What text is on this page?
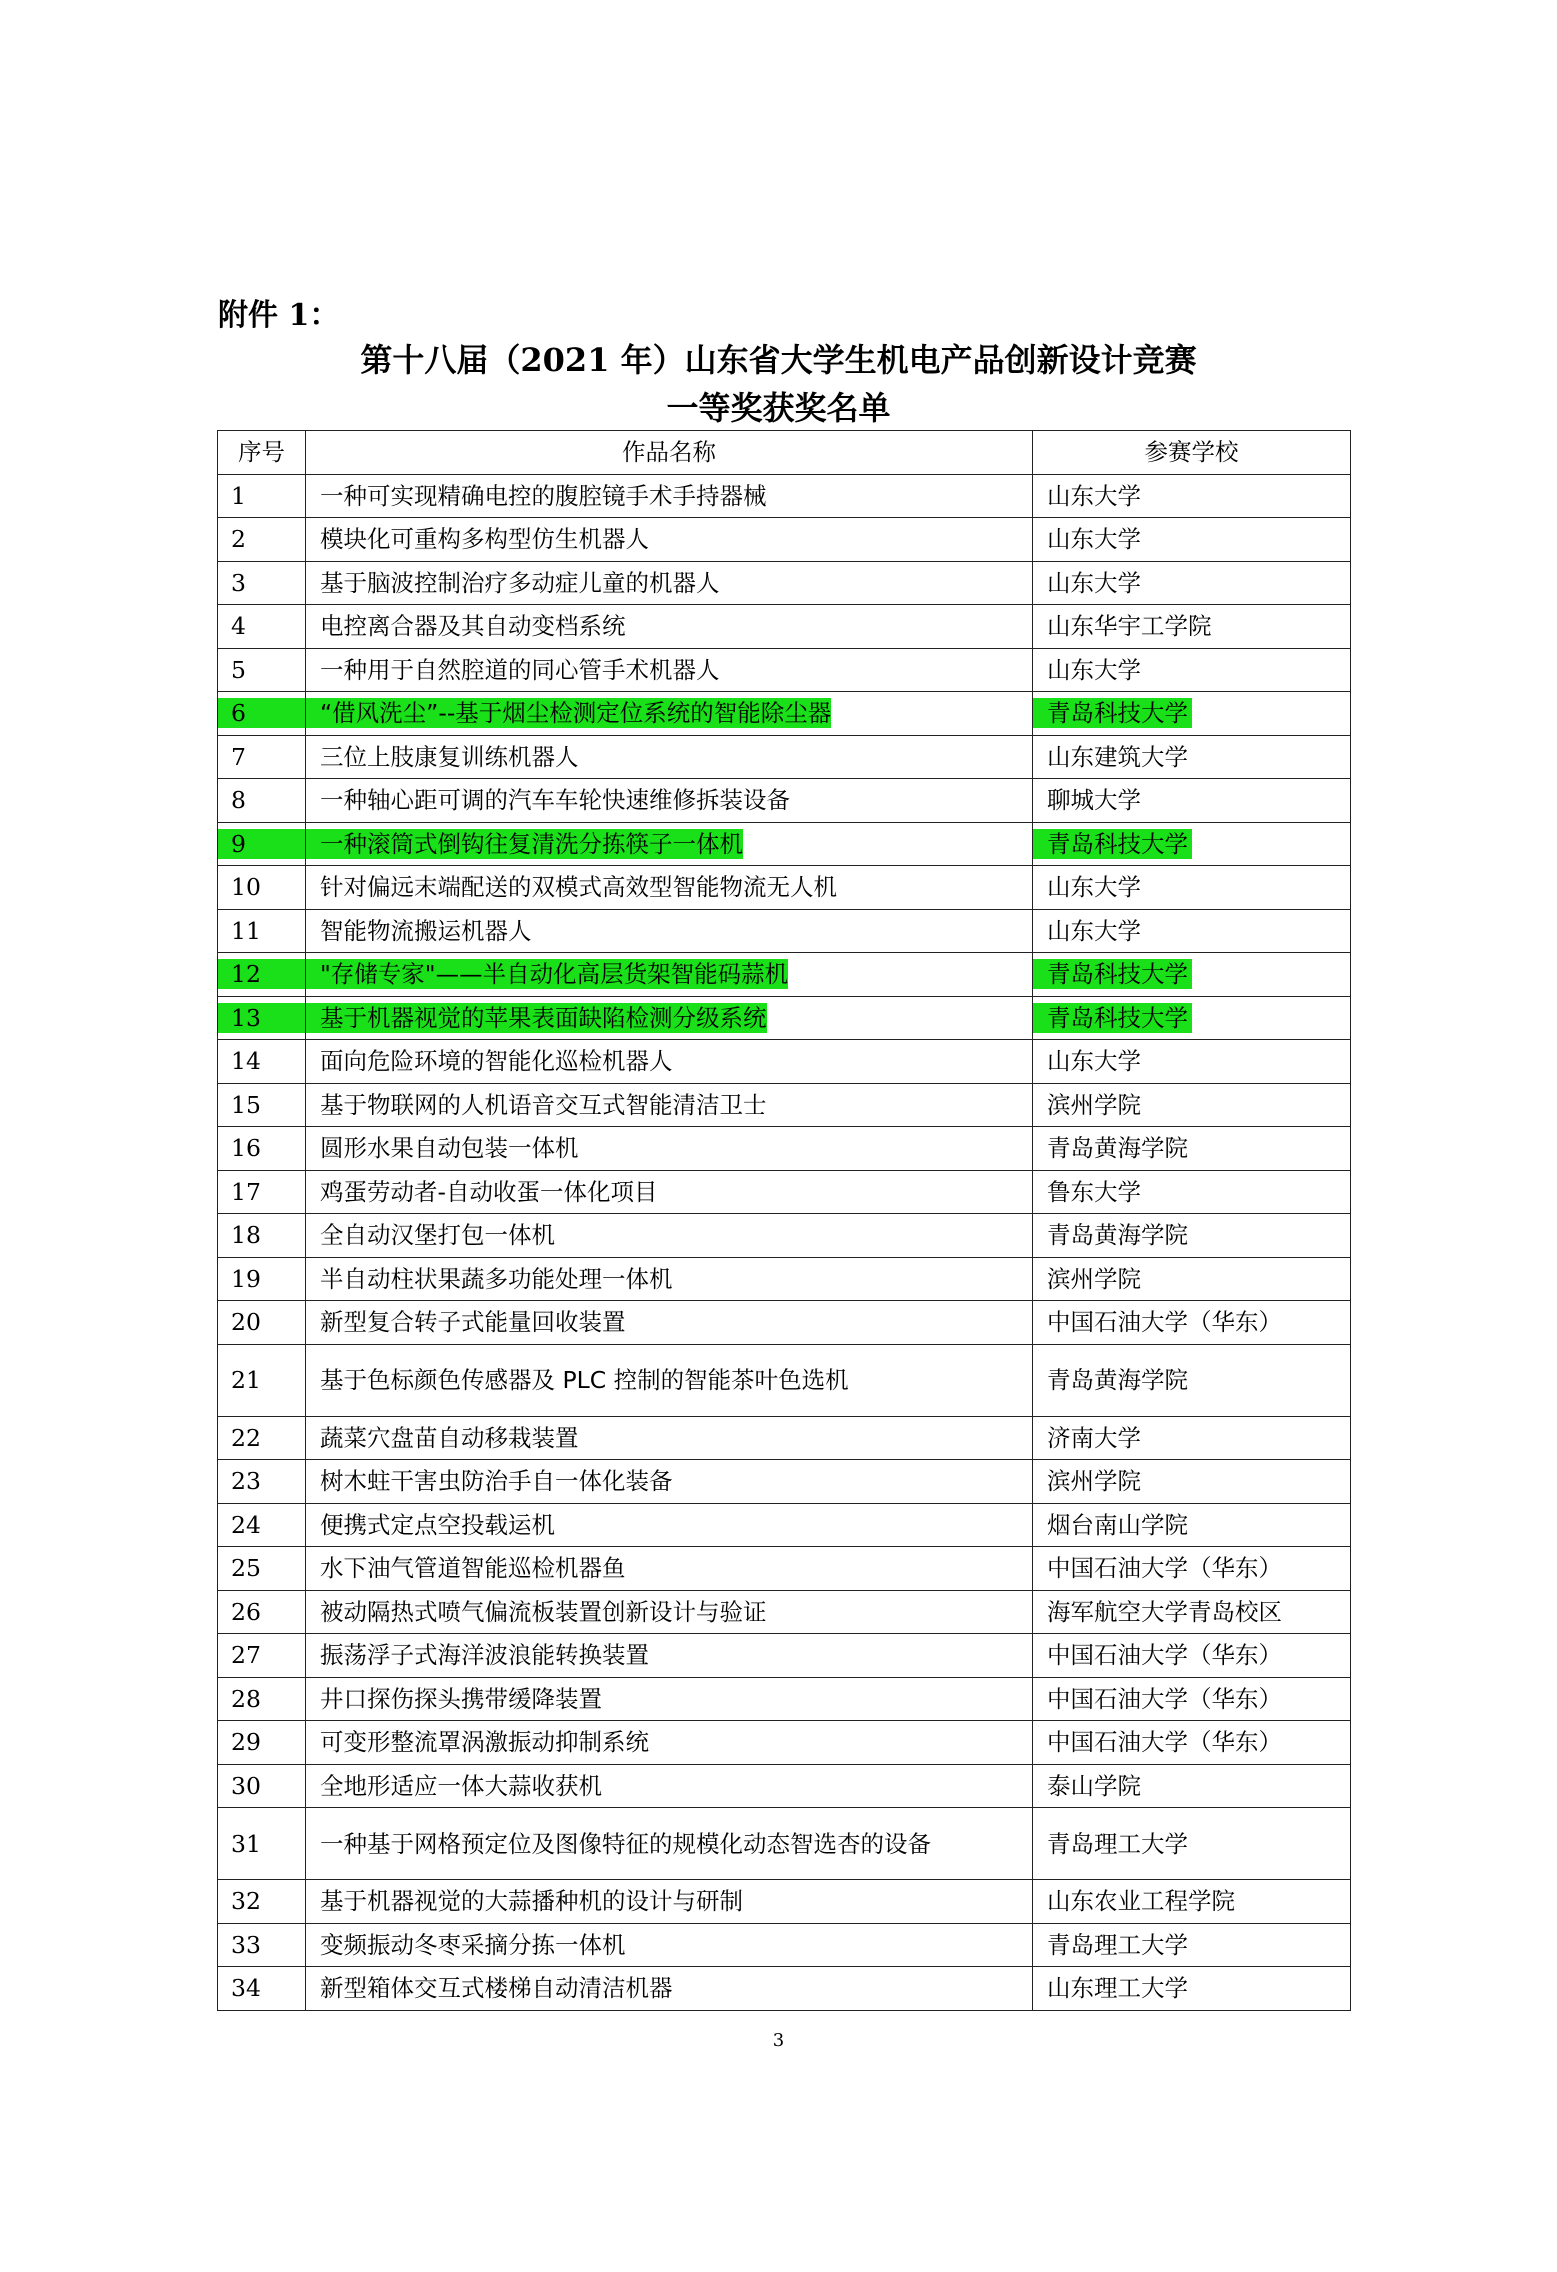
附件 1：
第十八届（2021 年）山东省大学生机电产品创新设计竞赛
一等奖获奖名单
序号	作品名称	参赛学校
1	一种可实现精确电控的腹腔镜手术手持器械	山东大学
2	模块化可重构多构型仿生机器人	山东大学
3	基于脑波控制治疗多动症儿童的机器人	山东大学
4	电控离合器及其自动变档系统	山东华宇工学院
5	一种用于自然腔道的同心管手术机器人	山东大学
6	“借风洗尘”--基于烟尘检测定位系统的智能除尘器	青岛科技大学
7	三位上肢康复训练机器人	山东建筑大学
8	一种轴心距可调的汽车车轮快速维修拆装设备	聊城大学
9	一种滚筒式倒钩往复清洗分拣筷子一体机	青岛科技大学
10	针对偏远末端配送的双模式高效型智能物流无人机	山东大学
11	智能物流搬运机器人	山东大学
12	"存储专家"——半自动化高层货架智能码蒜机	青岛科技大学
13	基于机器视觉的苹果表面缺陷检测分级系统	青岛科技大学
14	面向危险环境的智能化巡检机器人	山东大学
15	基于物联网的人机语音交互式智能清洁卫士	滨州学院
16	圆形水果自动包装一体机	青岛黄海学院
17	鸡蛋劳动者-自动收蛋一体化项目	鲁东大学
18	全自动汉堡打包一体机	青岛黄海学院
19	半自动柱状果蔬多功能处理一体机	滨州学院
20	新型复合转子式能量回收装置	中国石油大学（华东）
21	基于色标颜色传感器及 PLC 控制的智能茶叶色选机	青岛黄海学院
22	蔬菜穴盘苗自动移栽装置	济南大学
23	树木蛀干害虫防治手自一体化装备	滨州学院
24	便携式定点空投载运机	烟台南山学院
25	水下油气管道智能巡检机器鱼	中国石油大学（华东）
26	被动隔热式喷气偏流板装置创新设计与验证	海军航空大学青岛校区
27	振荡浮子式海洋波浪能转换装置	中国石油大学（华东）
28	井口探伤探头携带缓降装置	中国石油大学（华东）
29	可变形整流罩涡激振动抑制系统	中国石油大学（华东）
30	全地形适应一体大蒜收获机	泰山学院
31	一种基于网格预定位及图像特征的规模化动态智选杏的设备	青岛理工大学
32	基于机器视觉的大蒜播种机的设计与研制	山东农业工程学院
33	变频振动冬枣采摘分拣一体机	青岛理工大学
34	新型箱体交互式楼梯自动清洁机器	山东理工大学
3
